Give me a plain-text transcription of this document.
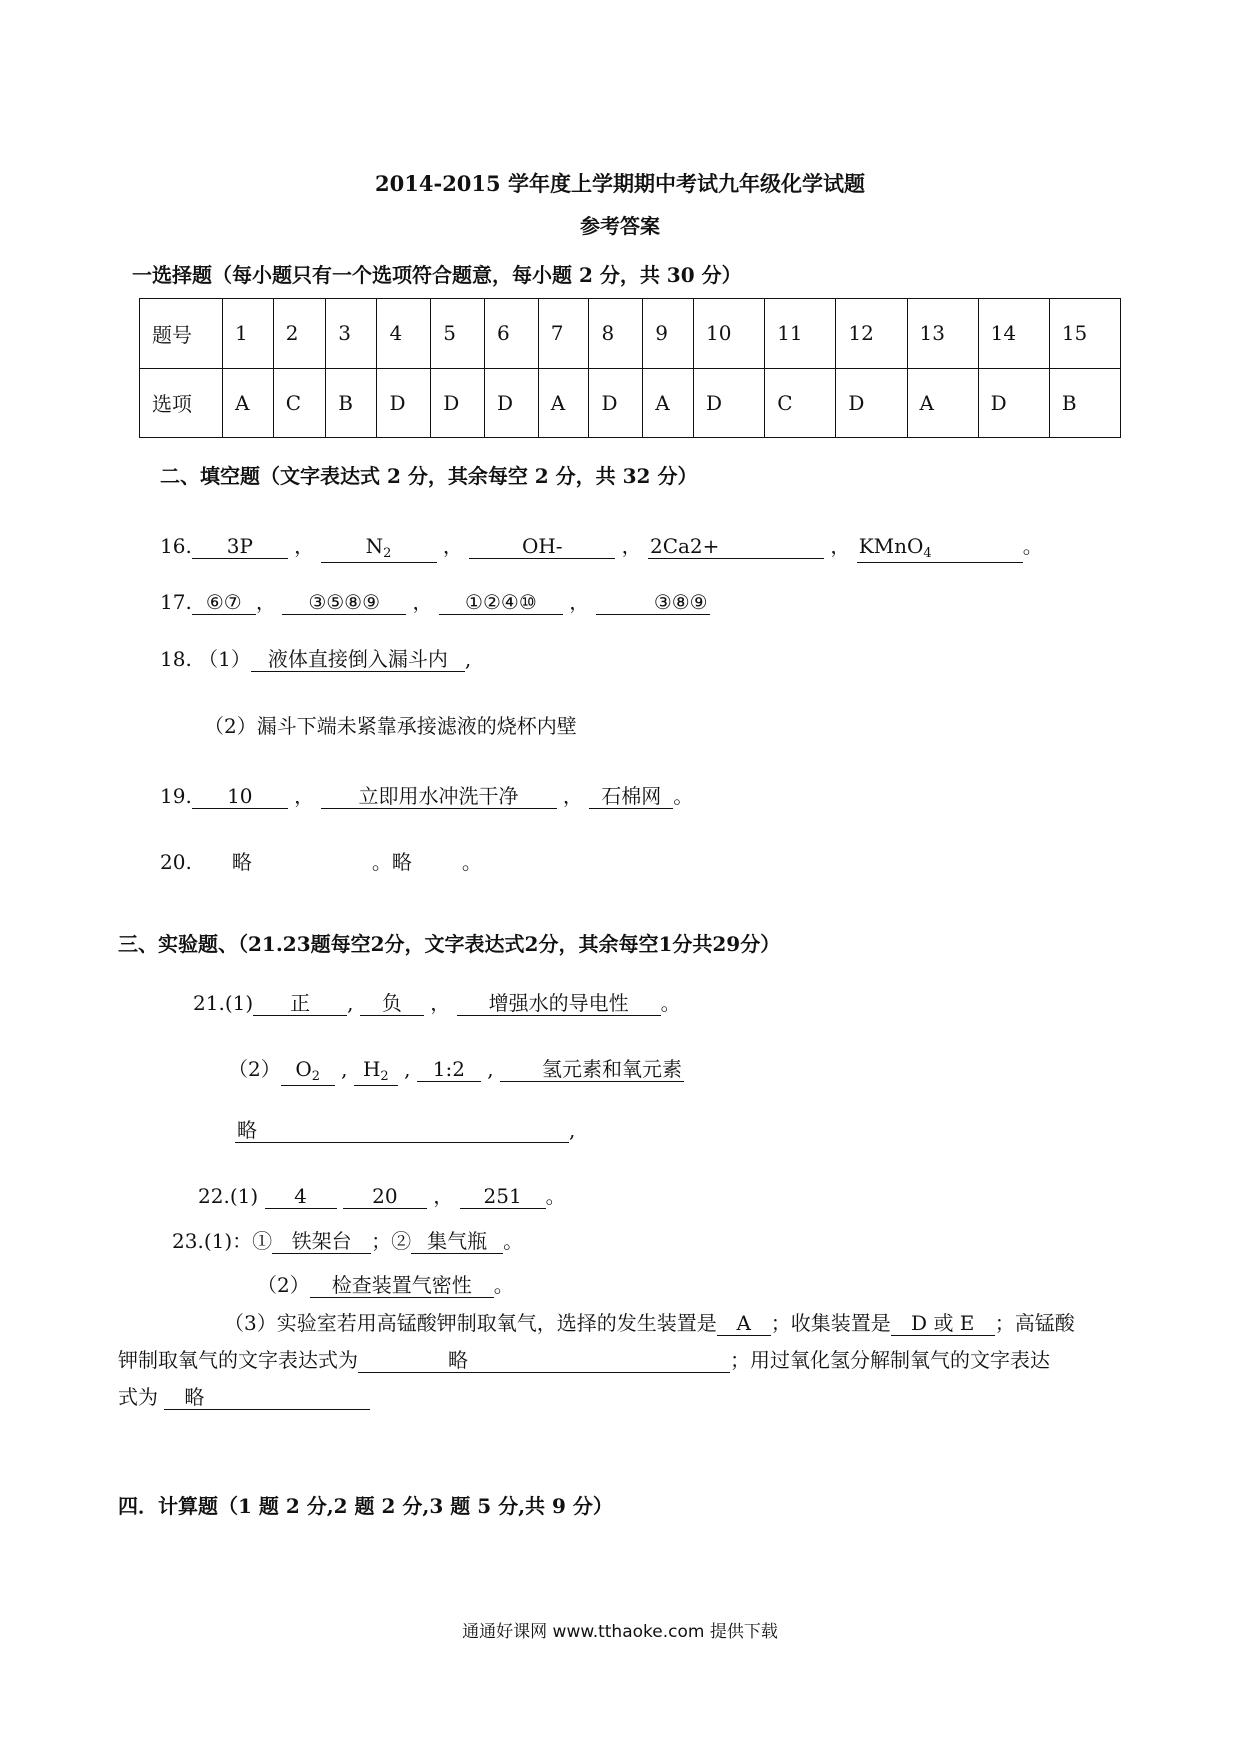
2014-2015 学年度上学期期中考试九年级化学试题
参考答案
一选择题（每小题只有一个选项符合题意，每小题 2 分，共 30 分）
题号	1	2	3	4	5	6	7	8	9	10	11	12	13	14	15
选项	A	C	B	D	D	D	A	D	A	D	C	D	A	D	B
二、填空题（文字表达式 2 分，其余每空 2 分，共 32 分）
16. 3P ， $N_2$ ，	OH-	， 2Ca2+	， KMnO$_4$	。
17. ⑥⑦ ， ③⑤⑧⑨ ， ①②④⑩ ，	③⑧⑨
18. （1） 液体直接倒入漏斗内 ,
（2）漏斗下端未紧靠承接滤液的烧杯内壁
19. 10 ， 立即用水冲洗干净 ， 石棉网 。
20. 略	。略	。
三、实验题、（21.23题每空2分，文字表达式2分，其余每空1分共29分）
21.(1) 正 , 负 ， 增强水的导电性 。
（2） $O_2$ , $H_2$ , 1:2 , 氢元素和氧元素
略	,
22.(1) 4	20 ， 251 。
23.(1)：① 铁架台 ；② 集气瓶 。
（2） 检查装置气密性 。
（3）实验室若用高锰酸钾制取氧气，选择的发生装置是 A ；收集装置是 D 或 E ；高锰酸
钾制取氧气的文字表达式为	略	；用过氧化氢分解制氧气的文字表达
式为 略
四．计算题（1 题 2 分,2 题 2 分,3 题 5 分,共 9 分）
通通好课网 www.tthaoke.com 提供下载
